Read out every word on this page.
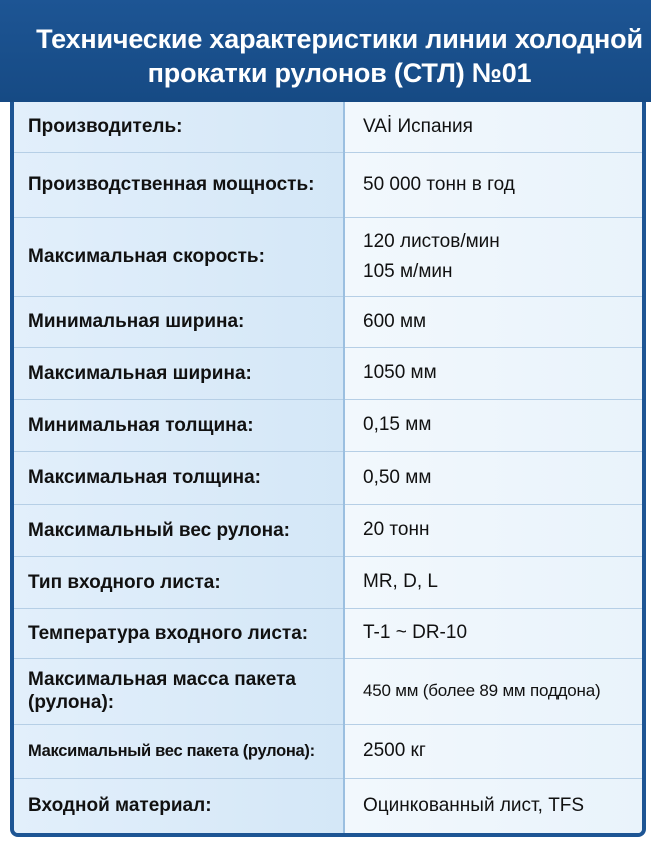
Технические характеристики линии холодной
прокатки рулонов (СТЛ) №01
Производитель:	VAİ Испания
Производственная мощность:	50 000 тонн в год
Максимальная скорость:	120 листов/мин
105 м/мин

Минимальная ширина:	600 мм
Максимальная ширина:	1050 мм
Минимальная толщина:	0,15 мм
Максимальная толщина:	0,50 мм
Максимальный вес рулона:	20 тонн
Тип входного листа:	MR, D, L
Температура входного листа:	T-1 ~ DR-10
Максимальная масса пакета (рулона):	450 мм (более 89 мм поддона)
Максимальный вес пакета (рулона):	2500 кг
Входной материал:	Оцинкованный лист, TFS
